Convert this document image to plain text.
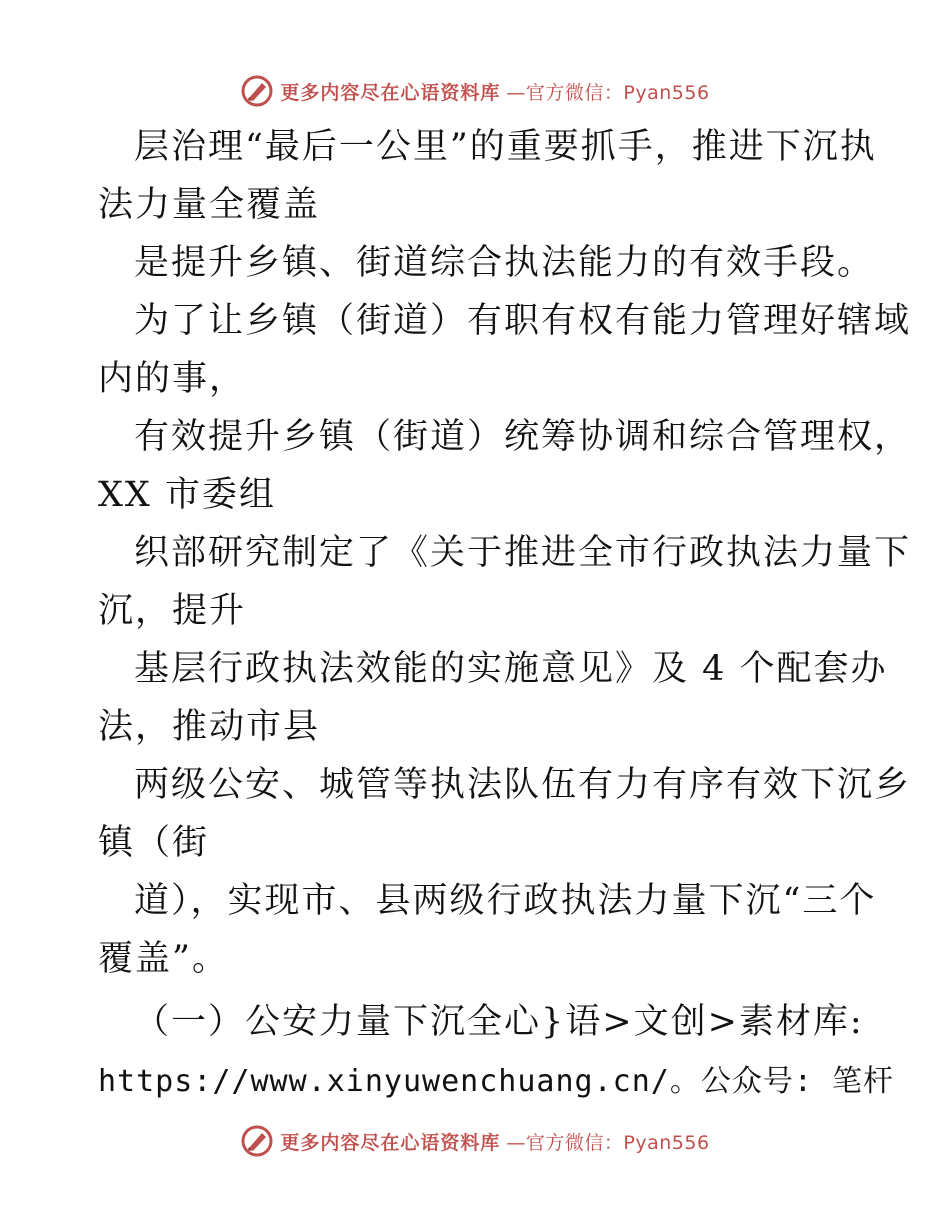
更多内容尽在心语资料库 —官方微信：Pyan556
层治理“最后一公里”的重要抓手，推进下沉执
法力量全覆盖
是提升乡镇、街道综合执法能力的有效手段。
为了让乡镇（街道）有职有权有能力管理好辖域
内的事，
有效提升乡镇（街道）统筹协调和综合管理权，
XX 市委组
织部研究制定了《关于推进全市行政执法力量下
沉，提升
基层行政执法效能的实施意见》及 4 个配套办
法，推动市县
两级公安、城管等执法队伍有力有序有效下沉乡
镇（街
道），实现市、县两级行政执法力量下沉“三个
覆盖”。
（一）公安力量下沉全心}语>文创>素材库:
https://www.xinyuwenchuang.cn/。公众号: 笔杆
更多内容尽在心语资料库 —官方微信：Pyan556
